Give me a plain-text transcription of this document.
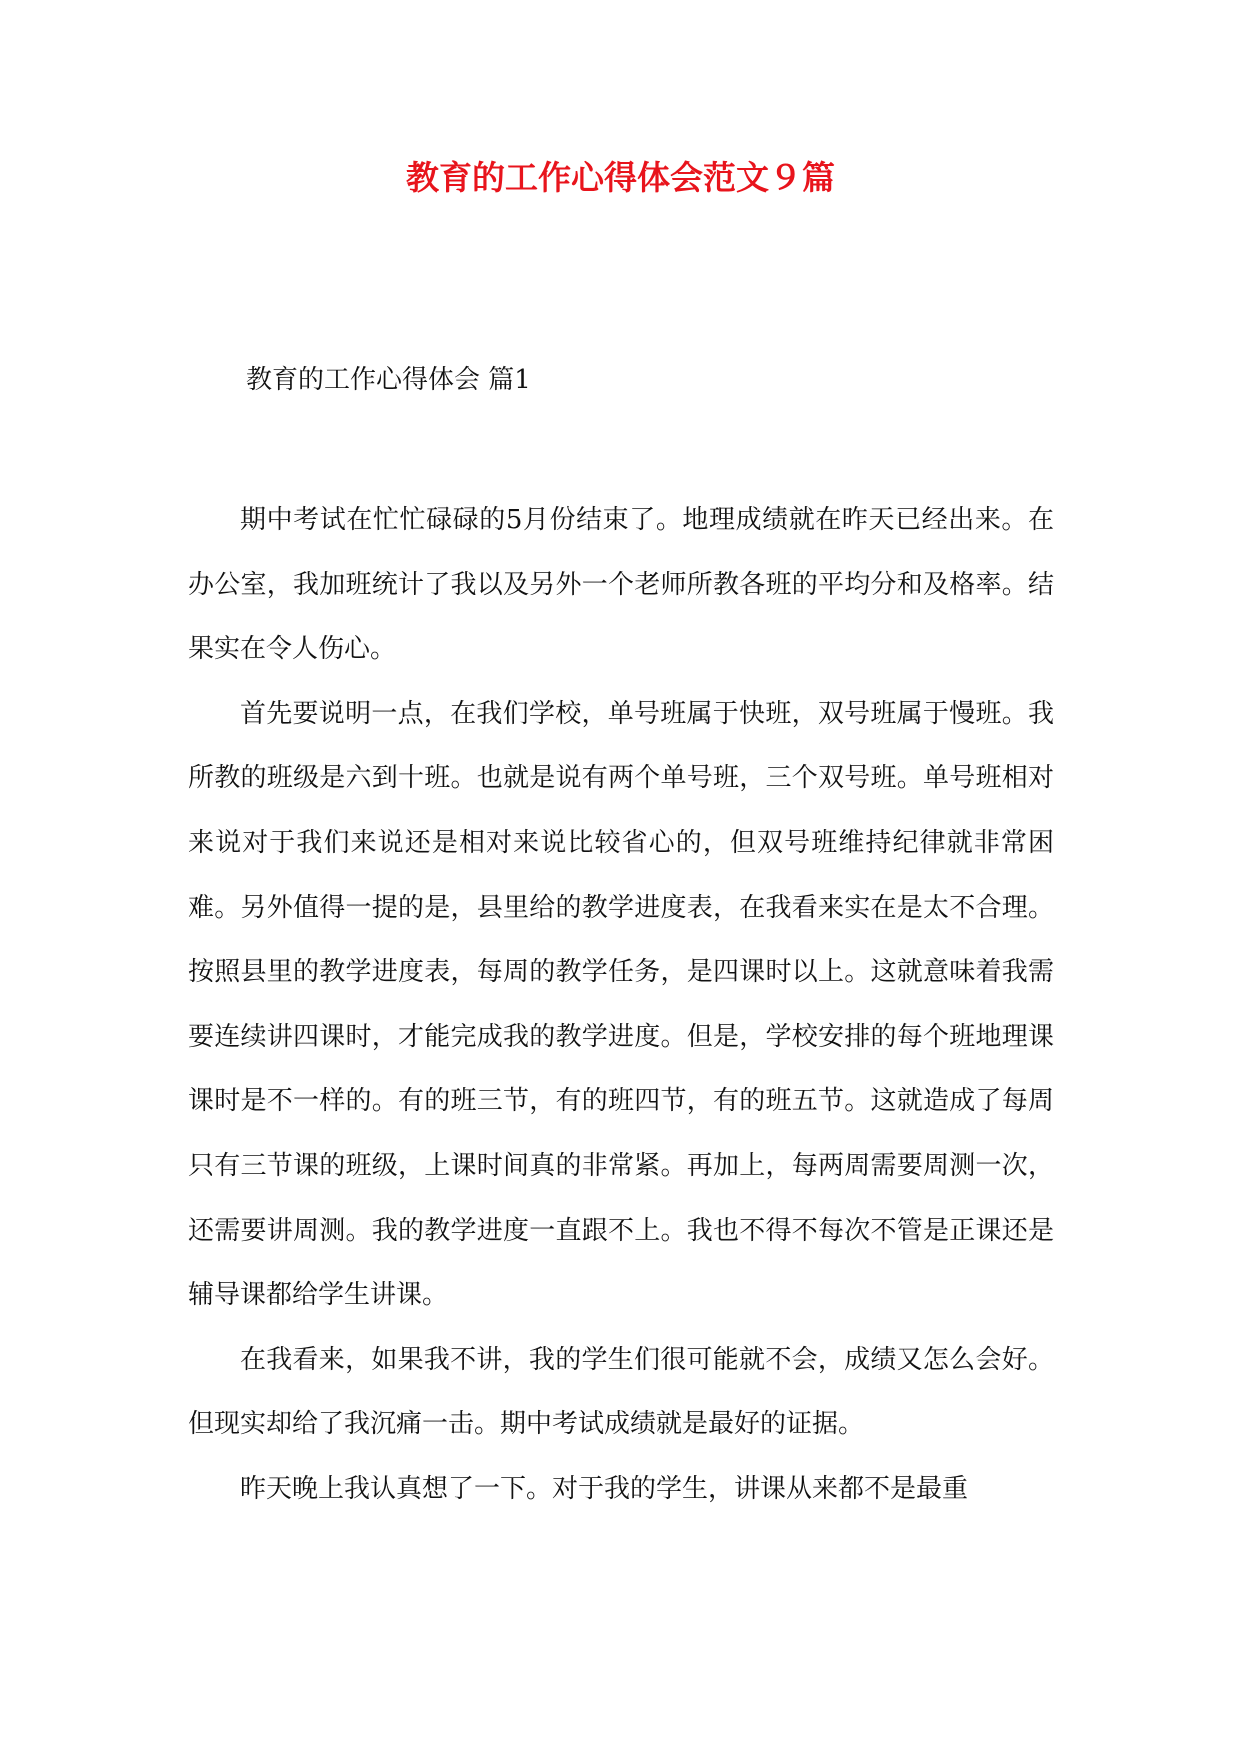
教育的工作心得体会范文９篇
教育的工作心得体会 篇1

期中考试在忙忙碌碌的5月份结束了。地理成绩就在昨天已经出来。在办公室，我加班统计了我以及另外一个老师所教各班的平均分和及格率。结果实在令人伤心。

首先要说明一点，在我们学校，单号班属于快班，双号班属于慢班。我所教的班级是六到十班。也就是说有两个单号班，三个双号班。单号班相对来说对于我们来说还是相对来说比较省心的，但双号班维持纪律就非常困难。另外值得一提的是，县里给的教学进度表，在我看来实在是太不合理。按照县里的教学进度表，每周的教学任务，是四课时以上。这就意味着我需要连续讲四课时，才能完成我的教学进度。但是，学校安排的每个班地理课课时是不一样的。有的班三节，有的班四节，有的班五节。这就造成了每周只有三节课的班级，上课时间真的非常紧。再加上，每两周需要周测一次，还需要讲周测。我的教学进度一直跟不上。我也不得不每次不管是正课还是辅导课都给学生讲课。

在我看来，如果我不讲，我的学生们很可能就不会，成绩又怎么会好。但现实却给了我沉痛一击。期中考试成绩就是最好的证据。

昨天晚上我认真想了一下。对于我的学生，讲课从来都不是最重
